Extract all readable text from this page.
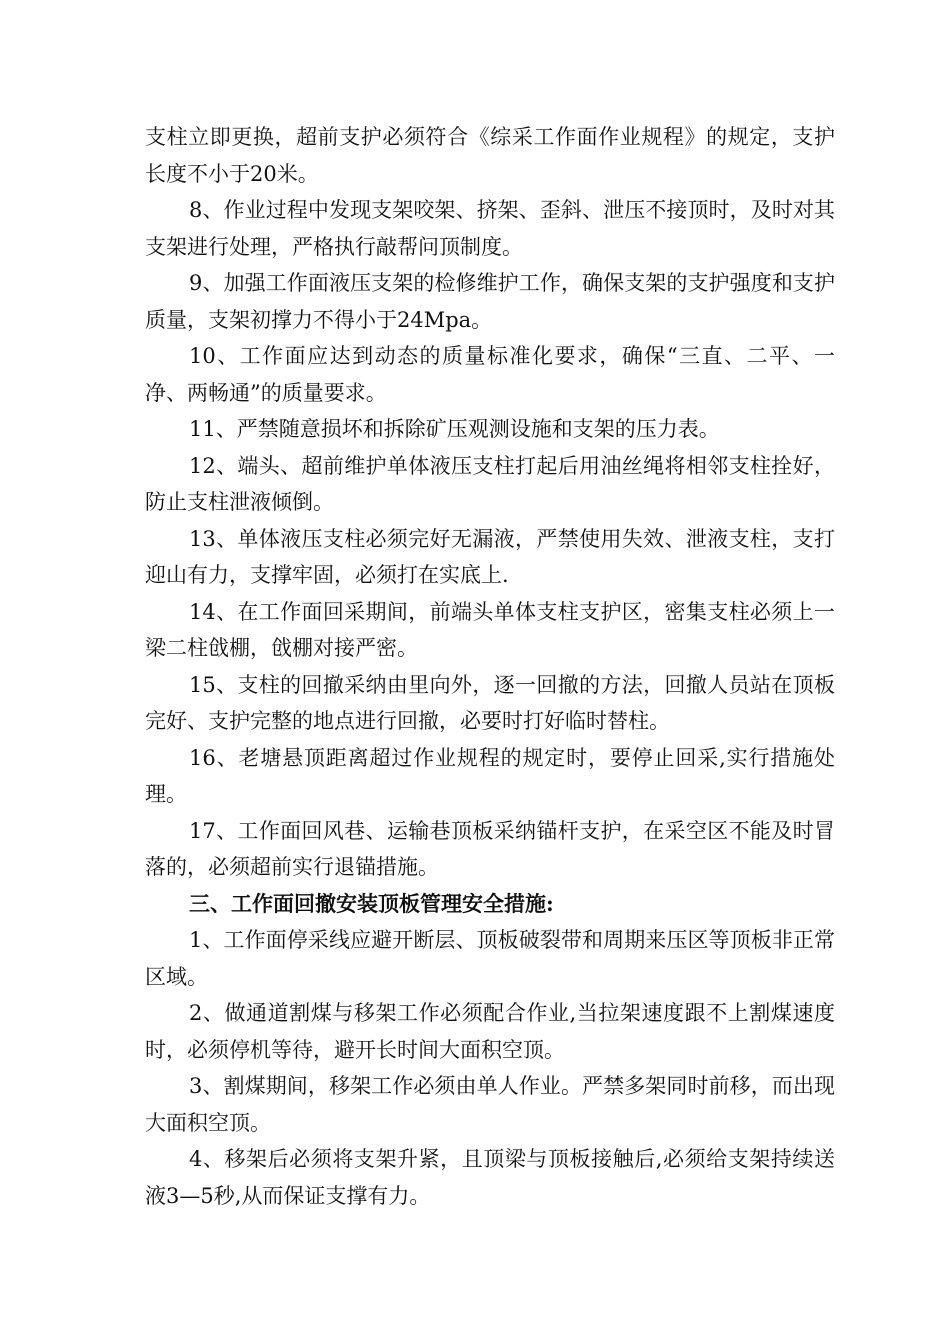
支柱立即更换，超前支护必须符合《综采工作面作业规程》的规定，支护长度不小于20米。

8、作业过程中发现支架咬架、挤架、歪斜、泄压不接顶时，及时对其支架进行处理，严格执行敲帮问顶制度。

9、加强工作面液压支架的检修维护工作，确保支架的支护强度和支护质量，支架初撑力不得小于24Mpa。

10、工作面应达到动态的质量标准化要求，确保“三直、二平、一净、两畅通”的质量要求。

11、严禁随意损坏和拆除矿压观测设施和支架的压力表。

12、端头、超前维护单体液压支柱打起后用油丝绳将相邻支柱拴好，防止支柱泄液倾倒。

13、单体液压支柱必须完好无漏液，严禁使用失效、泄液支柱，支打迎山有力，支撑牢固，必须打在实底上.

14、在工作面回采期间，前端头单体支柱支护区，密集支柱必须上一梁二柱戗棚，戗棚对接严密。

15、支柱的回撤采纳由里向外，逐一回撤的方法，回撤人员站在顶板完好、支护完整的地点进行回撤，必要时打好临时替柱。

16、老塘悬顶距离超过作业规程的规定时，要停止回采,实行措施处理。

17、工作面回风巷、运输巷顶板采纳锚杆支护，在采空区不能及时冒落的，必须超前实行退锚措施。

三、工作面回撤安装顶板管理安全措施:

1、工作面停采线应避开断层、顶板破裂带和周期来压区等顶板非正常区域。

2、做通道割煤与移架工作必须配合作业,当拉架速度跟不上割煤速度时，必须停机等待，避开长时间大面积空顶。

3、割煤期间，移架工作必须由单人作业。严禁多架同时前移，而出现大面积空顶。

4、移架后必须将支架升紧，且顶梁与顶板接触后,必须给支架持续送液3—5秒,从而保证支撑有力。
